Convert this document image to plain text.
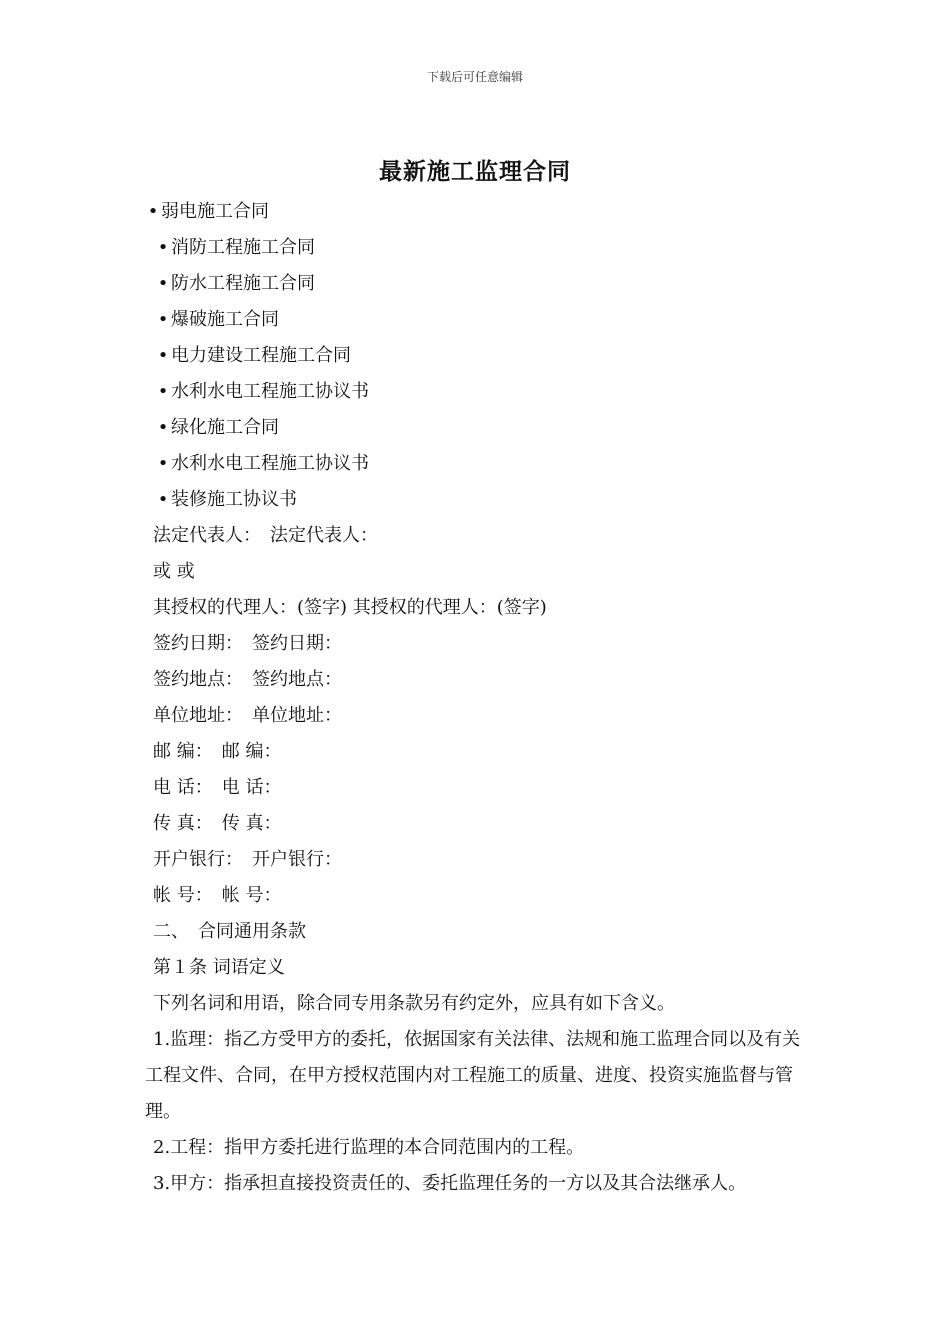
下载后可任意编辑
最新施工监理合同
• 弱电施工合同
• 消防工程施工合同
• 防水工程施工合同
• 爆破施工合同
• 电力建设工程施工合同
• 水利水电工程施工协议书
• 绿化施工合同
• 水利水电工程施工协议书
• 装修施工协议书
法定代表人：　法定代表人：
或 或
其授权的代理人：(签字) 其授权的代理人：(签字)
签约日期：　签约日期：
签约地点：　签约地点：
单位地址：　单位地址：
邮 编：　邮 编：
电 话：　电 话：
传 真：　传 真：
开户银行：　开户银行：
帐 号：　帐 号：
二、　合同通用条款
第１条 词语定义
下列名词和用语，除合同专用条款另有约定外，应具有如下含义。
1.监理：指乙方受甲方的委托，依据国家有关法律、法规和施工监理合同以及有关工程文件、合同，在甲方授权范围内对工程施工的质量、进度、投资实施监督与管理。
2.工程：指甲方委托进行监理的本合同范围内的工程。
3.甲方：指承担直接投资责任的、委托监理任务的一方以及其合法继承人。
